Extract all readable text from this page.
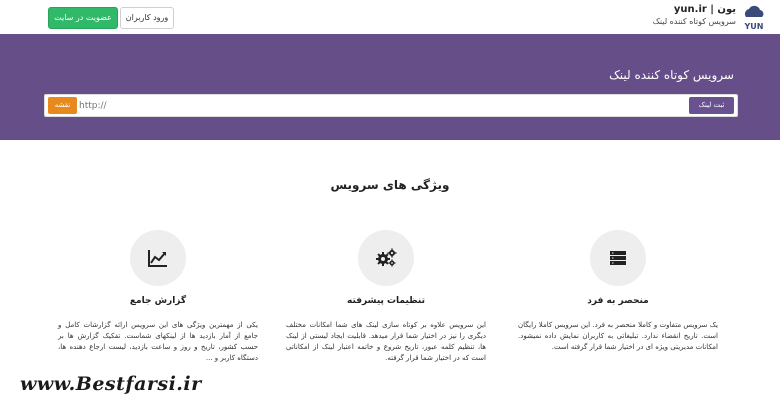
یون | yun.ir
سرویس کوتاه کننده لینک
YUN
ورود کاربران
عضویت در سایت
سرویس کوتاه کننده لینک
نقشه
http://	ثبت لینک
ویژگی های سرویس
منحصر به فرد
یک سرویس متفاوت و کاملا منحصر به فرد. این سرویس کاملا رایگان است. تاریخ انقضاء ندارد. تبلیغاتی به کاربران نمایش داده نمیشود. امکانات مدیریتی ویژه ای در اختیار شما قرار گرفته است.
تنظیمات پیشرفته
این سرویس علاوه بر کوتاه سازی لینک های شما امکانات مختلف دیگری را نیز در اختیار شما قرار میدهد. قابلیت ایجاد لیستی از لینک ها، تنظیم کلمه عبور، تاریخ شروع و خاتمه اعتبار لینک از امکاناتی است که در اختیار شما قرار گرفته.
گزارش جامع
یکی از مهمترین ویژگی های این سرویس ارائه گزارشات کامل و جامع از آمار بازدید ها از لینکهای شماست. تفکیک گزارش ها بر حسب کشور، تاریخ و روز و ساعت بازدید، لیست ارجاع دهنده ها، دستگاه کاربر و ...
www.Bestfarsi.ir
